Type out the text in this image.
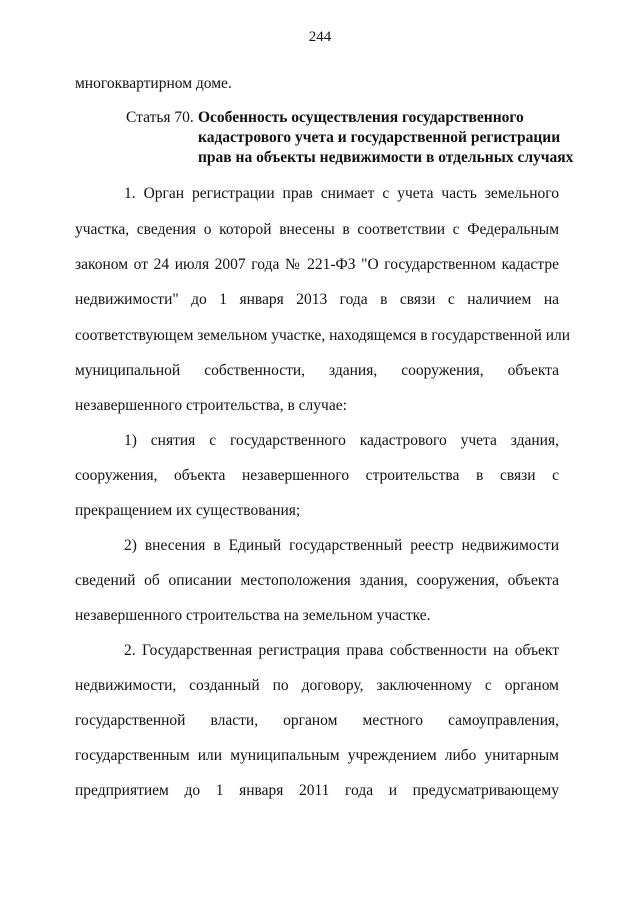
244
многоквартирном доме.
Статья 70. Особенность осуществления государственного
кадастрового учета и государственной регистрации
прав на объекты недвижимости в отдельных случаях
1. Орган регистрации прав снимает с учета часть земельного
участка, сведения о которой внесены в соответствии с Федеральным
законом от 24 июля 2007 года № 221-ФЗ "О государственном кадастре
недвижимости" до 1 января 2013 года в связи с наличием на
соответствующем земельном участке, находящемся в государственной или
муниципальной собственности, здания, сооружения, объекта
незавершенного строительства, в случае:
1) снятия с государственного кадастрового учета здания,
сооружения, объекта незавершенного строительства в связи с
прекращением их существования;
2) внесения в Единый государственный реестр недвижимости
сведений об описании местоположения здания, сооружения, объекта
незавершенного строительства на земельном участке.
2. Государственная регистрация права собственности на объект
недвижимости, созданный по договору, заключенному с органом
государственной власти, органом местного самоуправления,
государственным или муниципальным учреждением либо унитарным
предприятием до 1 января 2011 года и предусматривающему
